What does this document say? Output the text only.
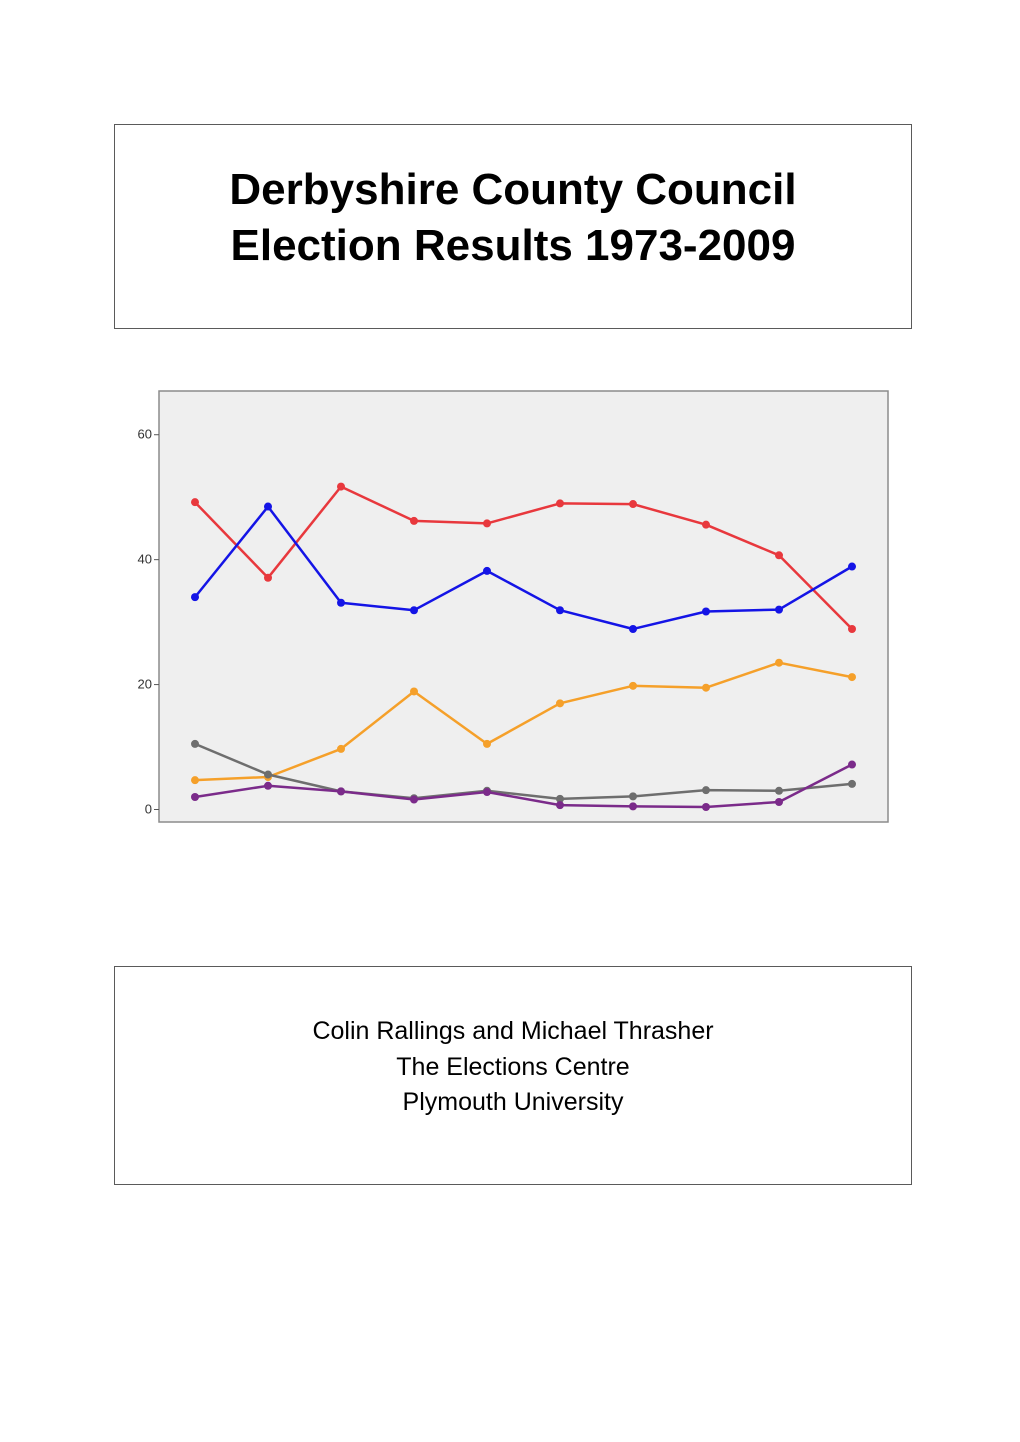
Derbyshire County Council
Election Results 1973-2009
0
20
40
60
Colin Rallings and Michael Thrasher
The Elections Centre
Plymouth University
